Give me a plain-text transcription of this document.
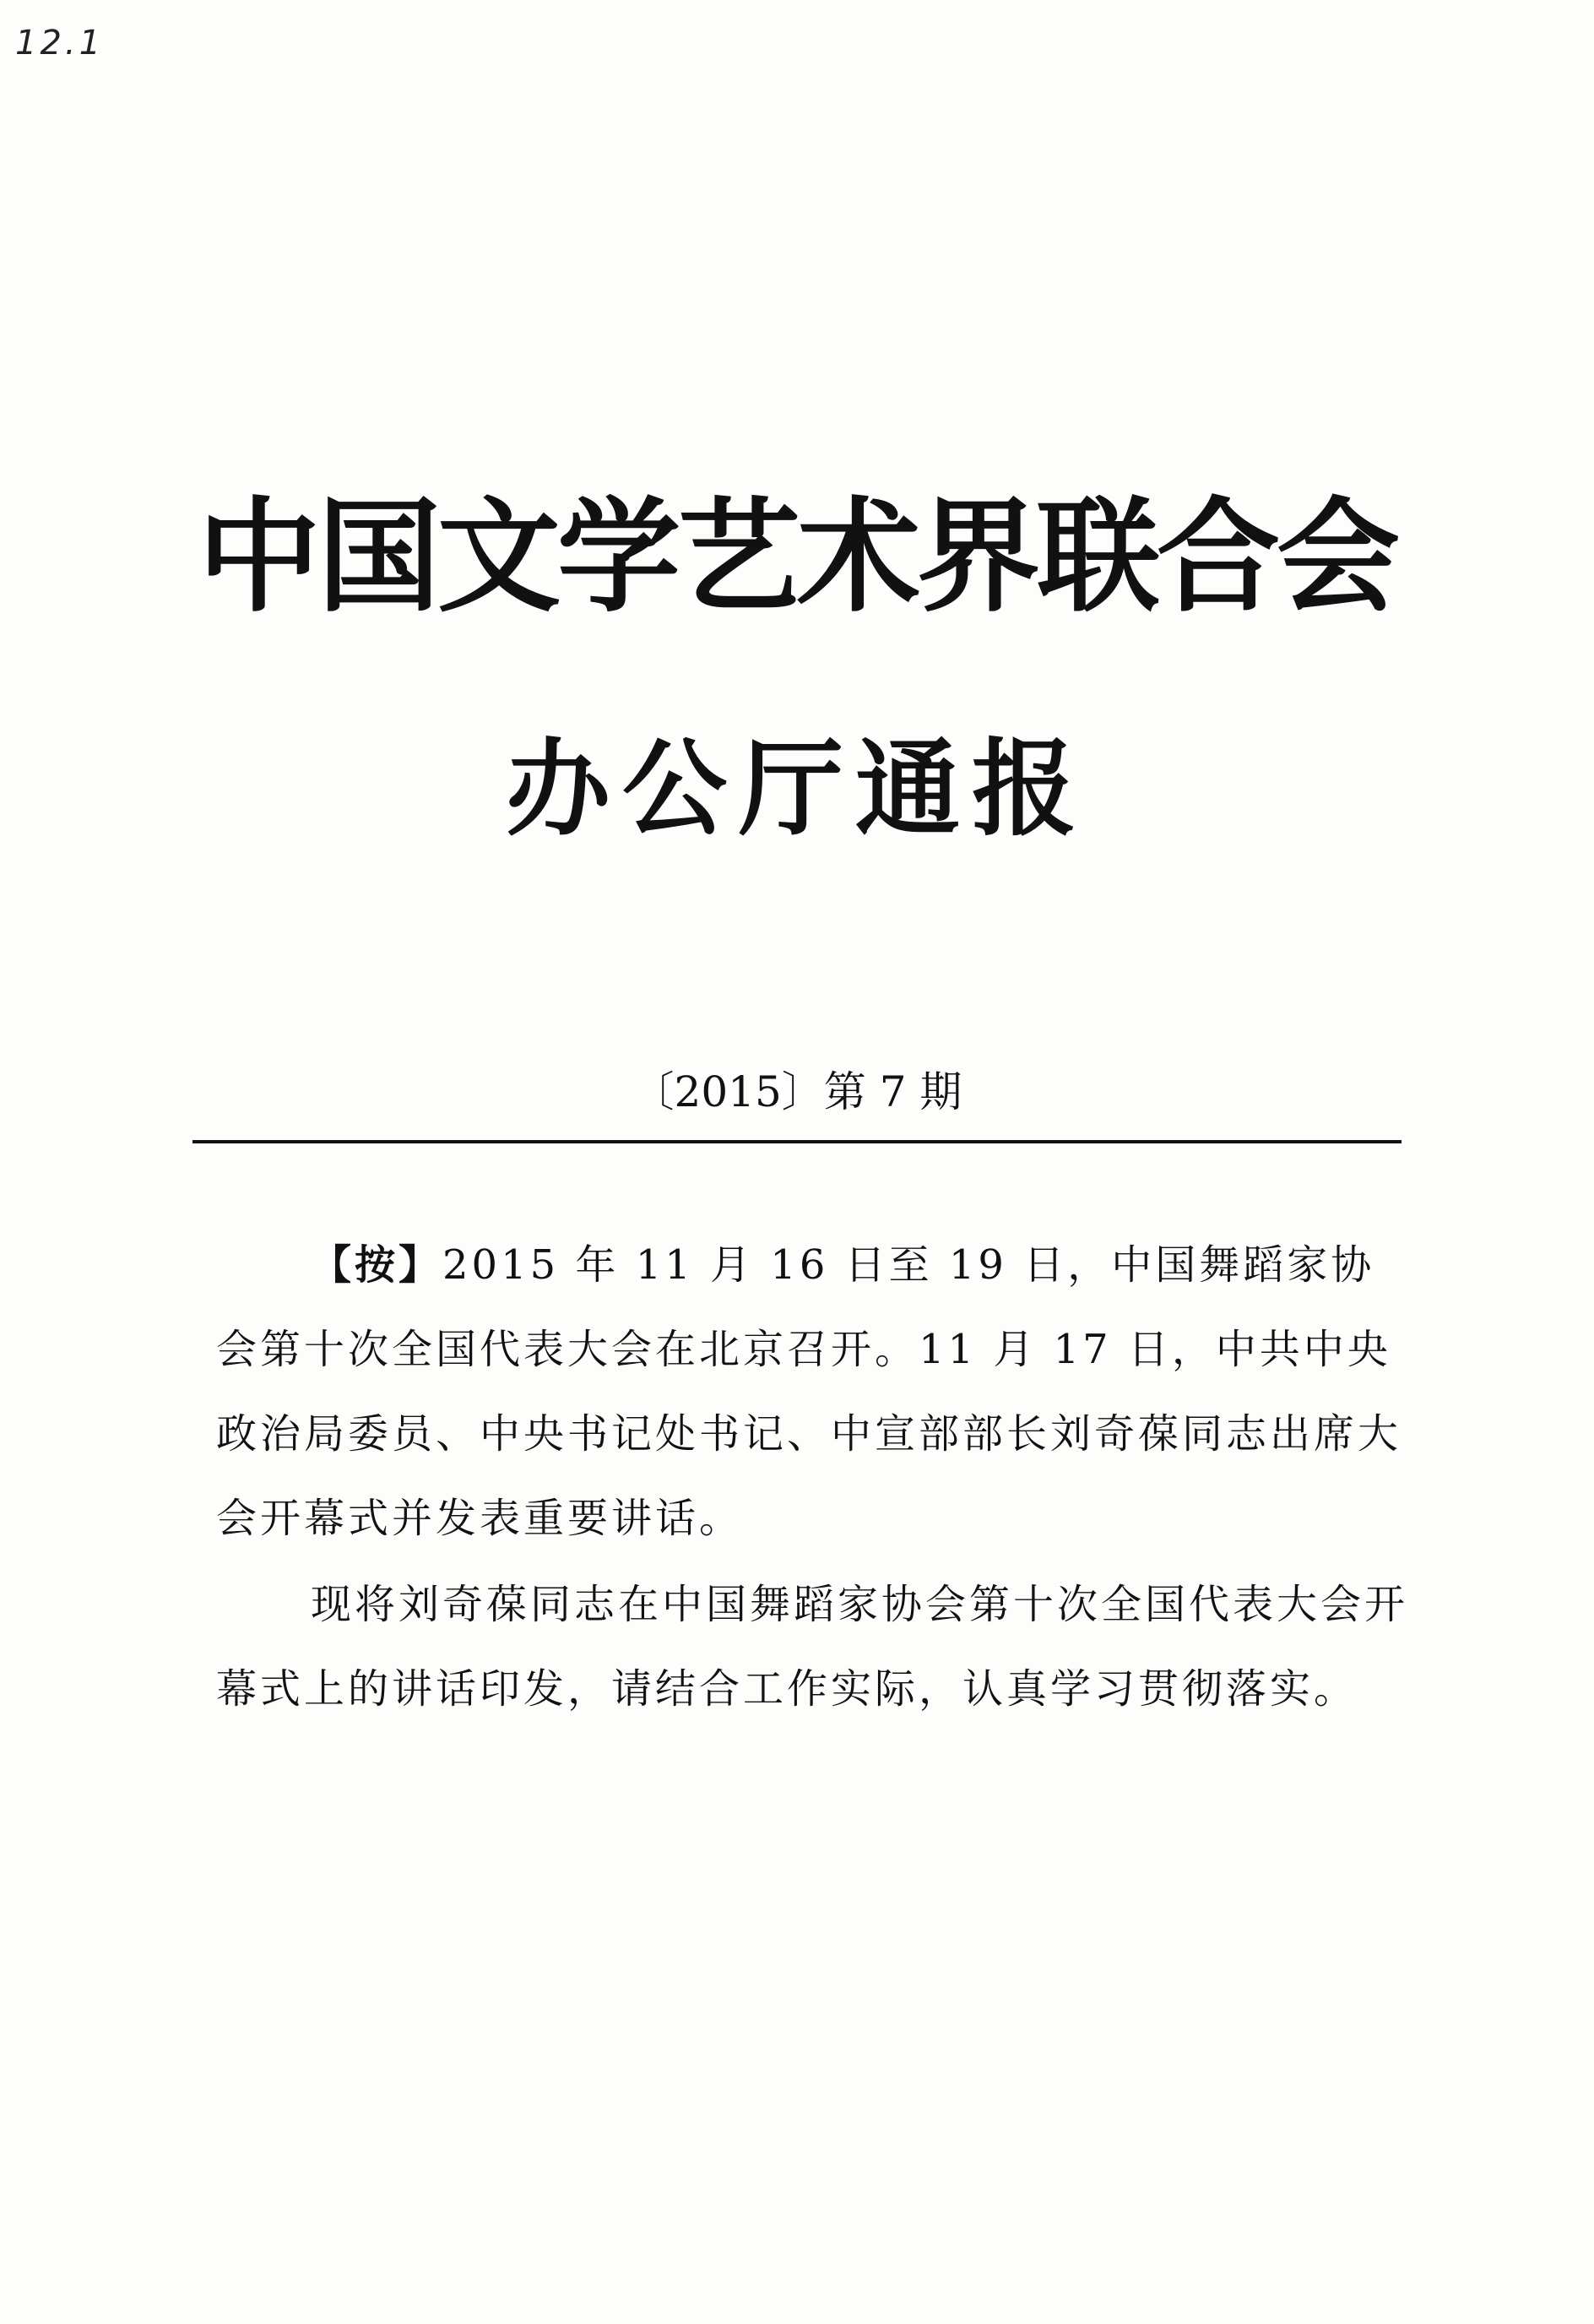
12.1
中国文学艺术界联合会
办公厅通报
〔2015〕第 7 期

【按】2015 年 11 月 16 日至 19 日，中国舞蹈家协会第十次全国代表大会在北京召开。11 月 17 日，中共中央政治局委员、中央书记处书记、中宣部部长刘奇葆同志出席大会开幕式并发表重要讲话。

现将刘奇葆同志在中国舞蹈家协会第十次全国代表大会开幕式上的讲话印发，请结合工作实际，认真学习贯彻落实。
